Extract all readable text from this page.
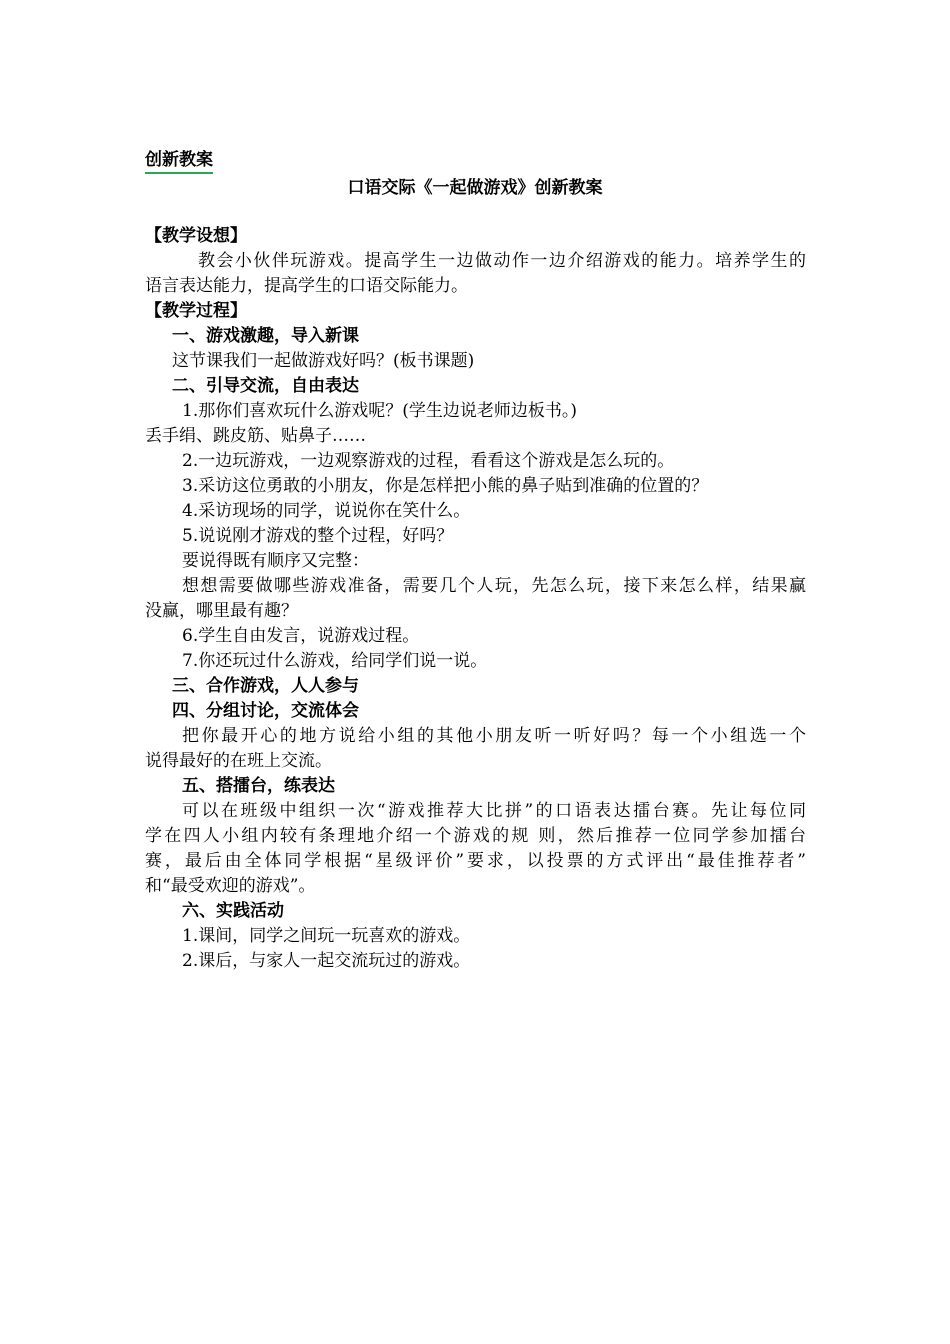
创新教案
口语交际《一起做游戏》创新教案
【教学设想】
教会小伙伴玩游戏。提高学生一边做动作一边介绍游戏的能力。培养学生的
语言表达能力，提高学生的口语交际能力。
【教学过程】
一、游戏激趣，导入新课
这节课我们一起做游戏好吗？(板书课题)
二、引导交流，自由表达
1.那你们喜欢玩什么游戏呢？(学生边说老师边板书。)
丢手绢、跳皮筋、贴鼻子……
2.一边玩游戏，一边观察游戏的过程，看看这个游戏是怎么玩的。
3.采访这位勇敢的小朋友，你是怎样把小熊的鼻子贴到准确的位置的？
4.采访现场的同学，说说你在笑什么。
5.说说刚才游戏的整个过程，好吗？
要说得既有顺序又完整：
想想需要做哪些游戏准备，需要几个人玩，先怎么玩，接下来怎么样，结果赢
没赢，哪里最有趣？
6.学生自由发言，说游戏过程。
7.你还玩过什么游戏，给同学们说一说。
三、合作游戏，人人参与
四、分组讨论，交流体会
把你最开心的地方说给小组的其他小朋友听一听好吗？每一个小组选一个
说得最好的在班上交流。
五、搭擂台，练表达
可以在班级中组织一次“游戏推荐大比拼”的口语表达擂台赛。先让每位同
学在四人小组内较有条理地介绍一个游戏的规 则，然后推荐一位同学参加擂台
赛，最后由全体同学根据“星级评价”要求，以投票的方式评出“最佳推荐者”
和“最受欢迎的游戏”。
六、实践活动
1.课间，同学之间玩一玩喜欢的游戏。
2.课后，与家人一起交流玩过的游戏。
